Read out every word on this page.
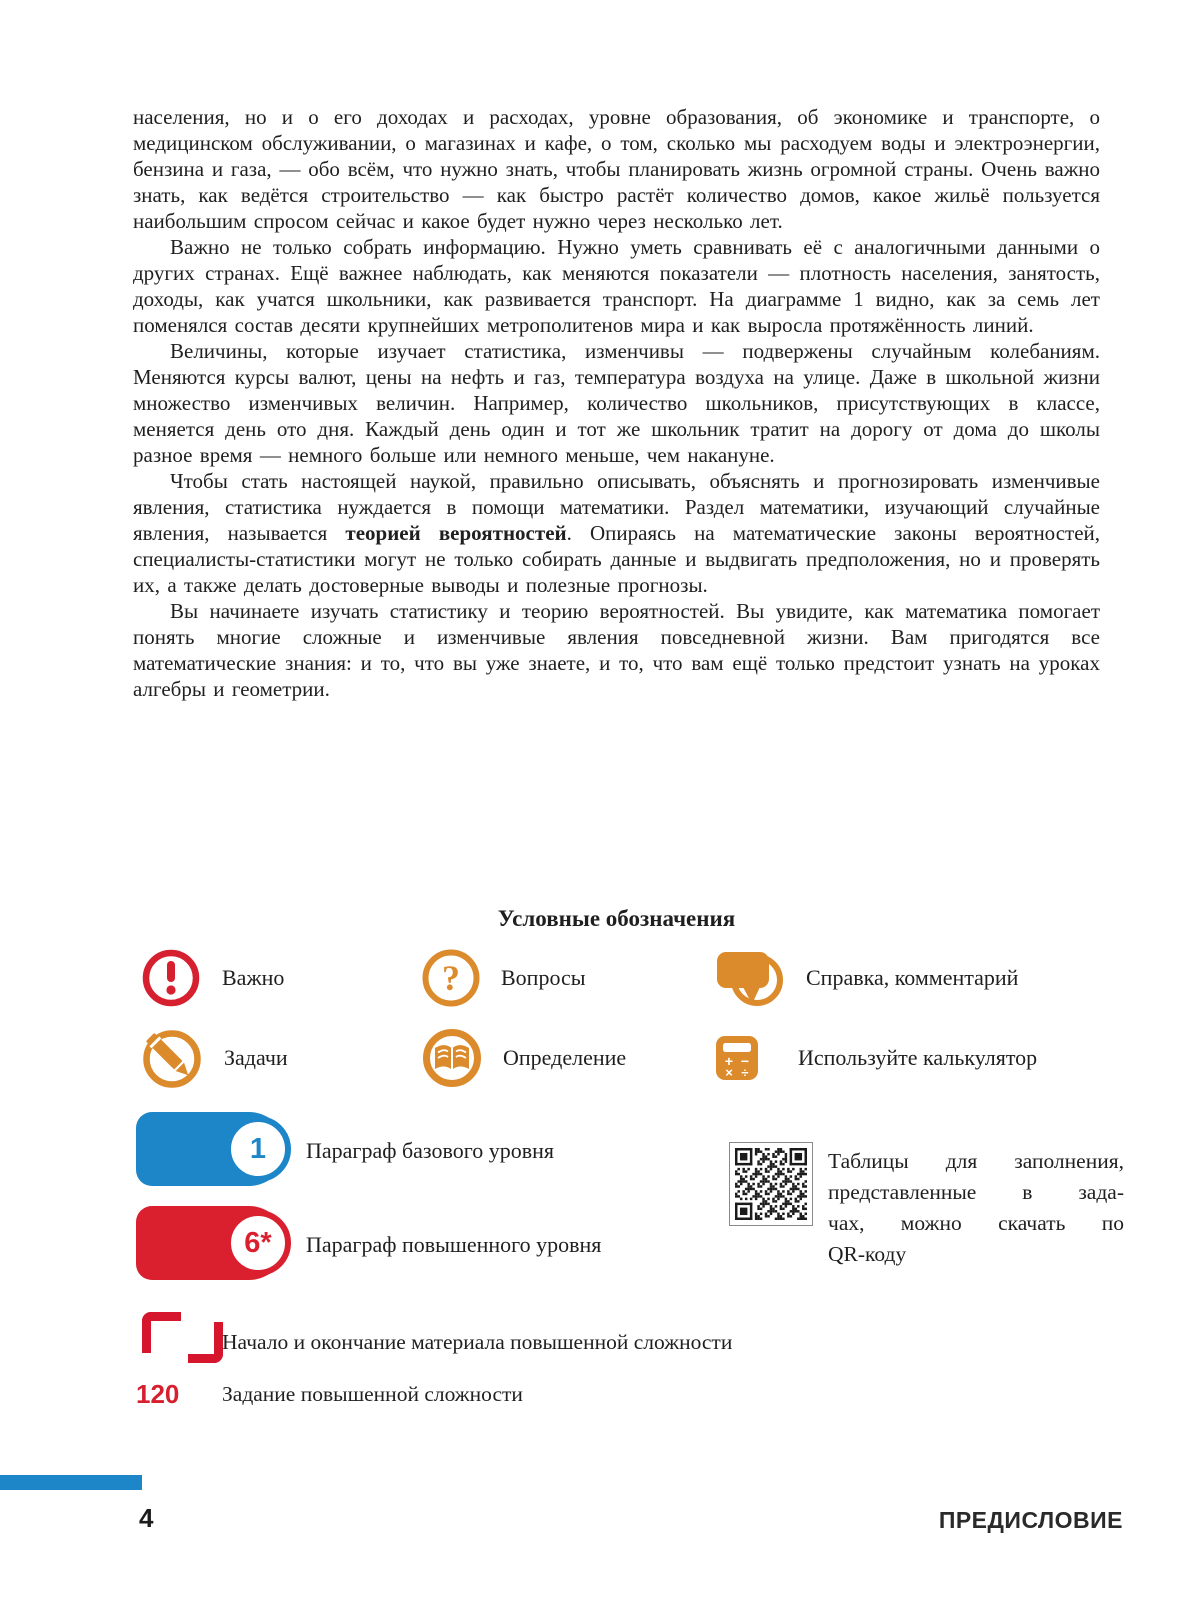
населения, но и о его доходах и расходах, уровне образования, об экономике и транспорте, о медицинском обслуживании, о магазинах и кафе, о том, сколько мы расходуем воды и электроэнергии, бензина и газа, — обо всём, что нужно знать, чтобы планировать жизнь огромной страны. Очень важно знать, как ведётся строительство — как быстро растёт количество домов, какое жильё пользуется наибольшим спросом сейчас и какое будет нужно через несколько лет.

Важно не только собрать информацию. Нужно уметь сравнивать её с аналогичными данными о других странах. Ещё важнее наблюдать, как меняются показатели — плотность населения, занятость, доходы, как учатся школьники, как развивается транспорт. На диаграмме 1 видно, как за семь лет поменялся состав десяти крупнейших метрополитенов мира и как выросла протяжённость линий.

Величины, которые изучает статистика, изменчивы — подвержены случайным колебаниям. Меняются курсы валют, цены на нефть и газ, температура воздуха на улице. Даже в школьной жизни множество изменчивых величин. Например, количество школьников, присутствующих в классе, меняется день ото дня. Каждый день один и тот же школьник тратит на дорогу от дома до школы разное время — немного больше или немного меньше, чем накануне.

Чтобы стать настоящей наукой, правильно описывать, объяснять и прогнозировать изменчивые явления, статистика нуждается в помощи математики. Раздел математики, изучающий случайные явления, называется теорией вероятностей. Опираясь на математические законы вероятностей, специалисты-статистики могут не только собирать данные и выдвигать предположения, но и проверять их, а также делать достоверные выводы и полезные прогнозы.

Вы начинаете изучать статистику и теорию вероятностей. Вы увидите, как математика помогает понять многие сложные и изменчивые явления повседневной жизни. Вам пригодятся все математические знания: и то, что вы уже знаете, и то, что вам ещё только предстоит узнать на уроках алгебры и геометрии.

Условные обозначения
Важно	? Вопросы	Справка, комментарий
Задачи	Определение	+ −
× ÷
Используйте калькулятор
1	Параграф базового уровня
6*	Параграф повышенного уровня
Таблицы для заполнения,
представленные в зада-
чах, можно скачать по
QR-коду
Начало и окончание материала повышенной сложности
120 Задание повышенной сложности
4	ПРЕДИСЛОВИЕ
